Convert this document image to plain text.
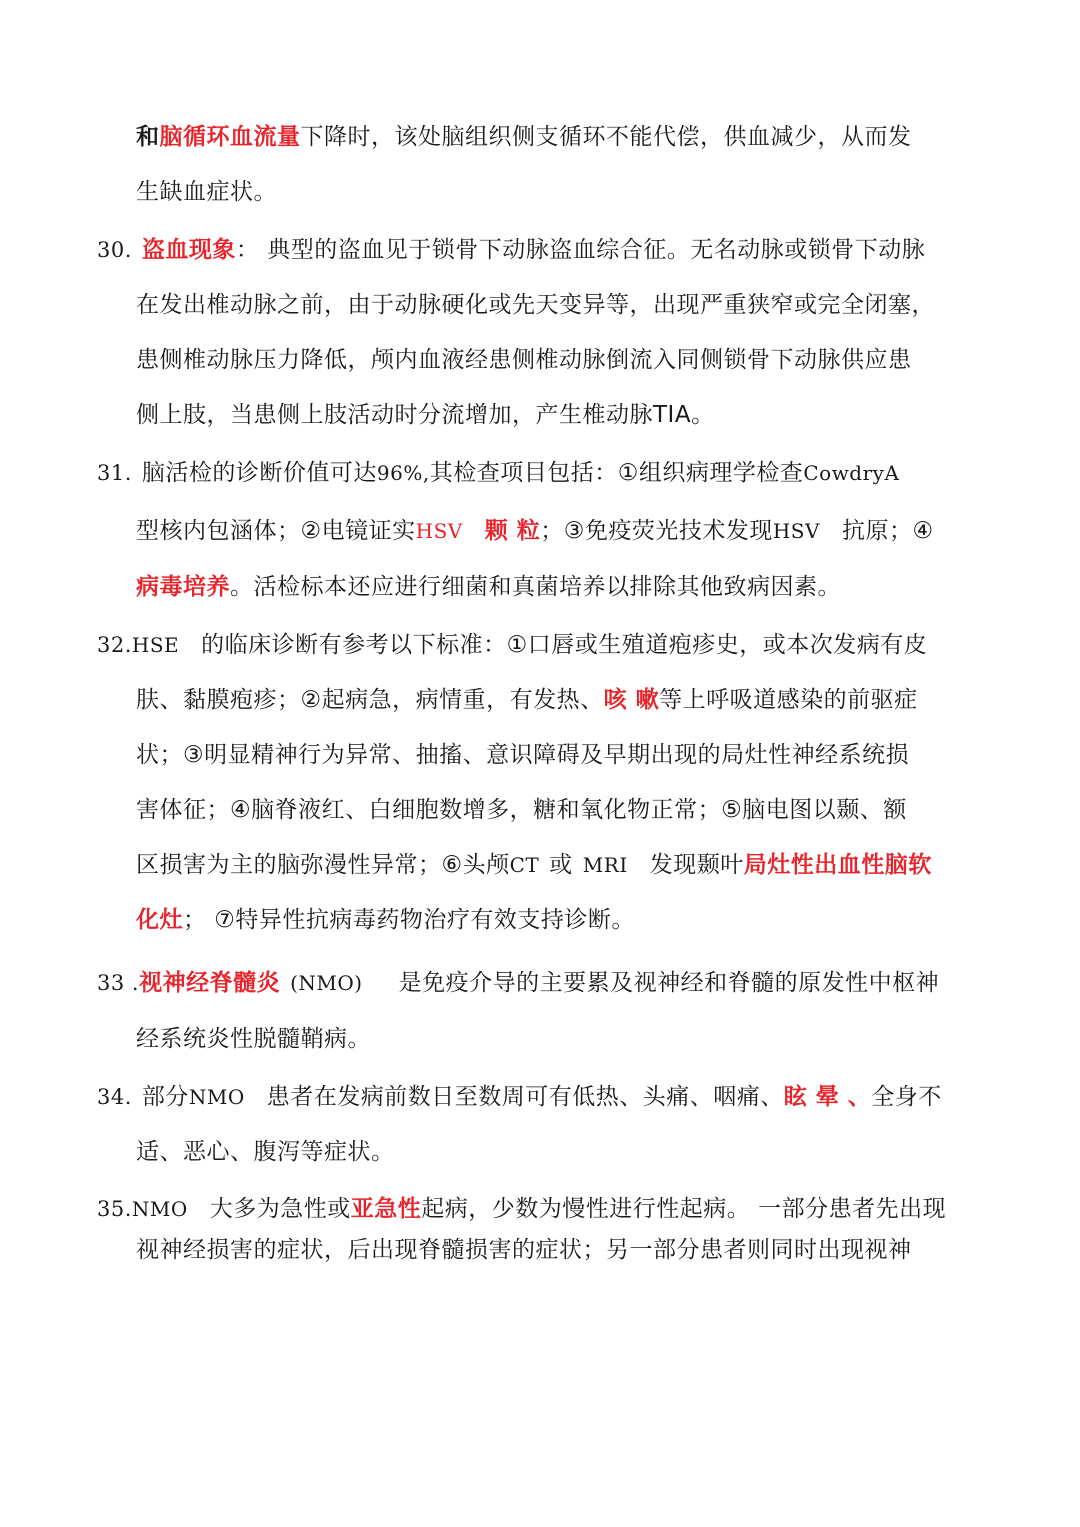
和脑循环血流量下降时，该处脑组织侧支循环不能代偿，供血减少，从而发
生缺血症状。
30. 盗血现象： 典型的盗血见于锁骨下动脉盗血综合征。无名动脉或锁骨下动脉
在发出椎动脉之前，由于动脉硬化或先天变异等，出现严重狭窄或完全闭塞，
患侧椎动脉压力降低，颅内血液经患侧椎动脉倒流入同侧锁骨下动脉供应患
侧上肢，当患侧上肢活动时分流增加，产生椎动脉TIA。
31. 脑活检的诊断价值可达96%,其检查项目包括：①组织病理学检查CowdryA
型核内包涵体；②电镜证实HSV 颗 粒；③免疫荧光技术发现HSV 抗原；④
病毒培养。活检标本还应进行细菌和真菌培养以排除其他致病因素。
32.HSE 的临床诊断有参考以下标准：①口唇或生殖道疱疹史，或本次发病有皮
肤、黏膜疱疹；②起病急，病情重，有发热、咳 嗽等上呼吸道感染的前驱症
状；③明显精神行为异常、抽搐、意识障碍及早期出现的局灶性神经系统损
害体征；④脑脊液红、白细胞数增多，糖和氧化物正常；⑤脑电图以颞、额
区损害为主的脑弥漫性异常；⑥头颅CT 或 MRI 发现颞叶局灶性出血性脑软
化灶； ⑦特异性抗病毒药物治疗有效支持诊断。
33 .视神经脊髓炎 (NMO) 是免疫介导的主要累及视神经和脊髓的原发性中枢神
经系统炎性脱髓鞘病。
34. 部分NMO 患者在发病前数日至数周可有低热、头痛、咽痛、眩 晕 、全身不
适、恶心、腹泻等症状。
35.NMO 大多为急性或亚急性起病，少数为慢性进行性起病。 一部分患者先出现
视神经损害的症状，后出现脊髓损害的症状；另一部分患者则同时出现视神
